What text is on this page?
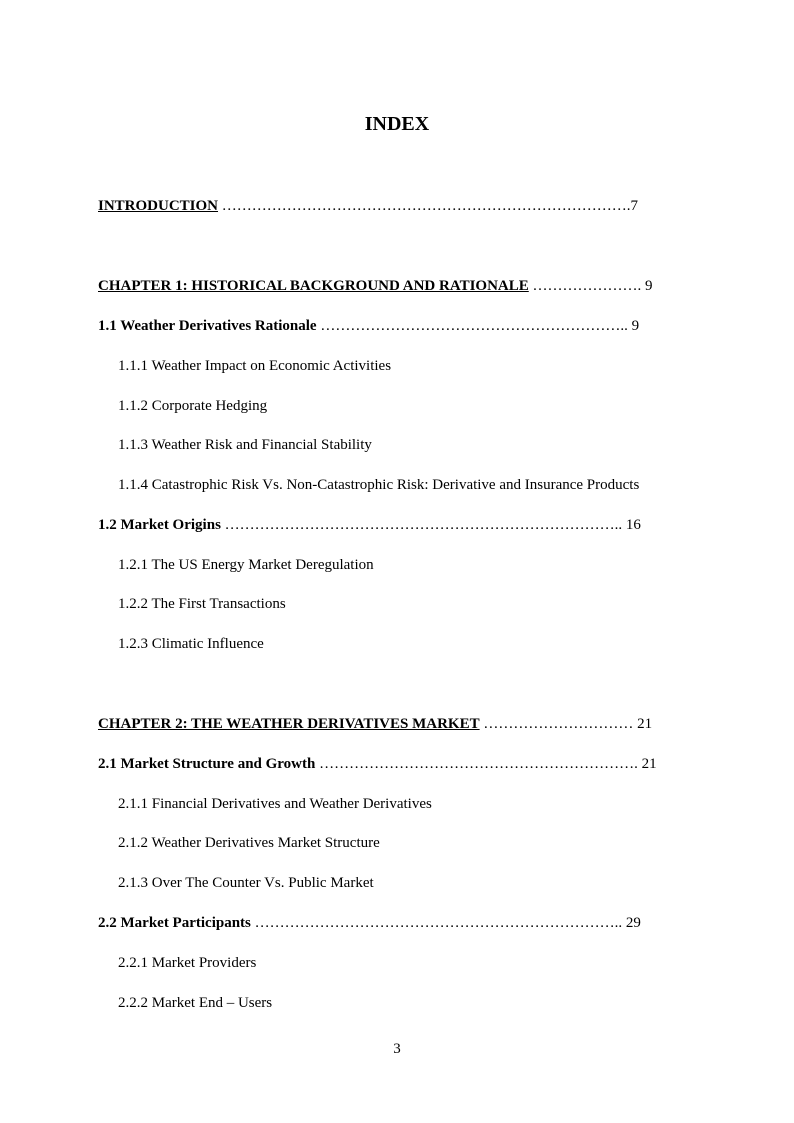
INDEX
INTRODUCTION ……………………………………………………………………….7
CHAPTER 1: HISTORICAL BACKGROUND AND RATIONALE …………………. 9
1.1 Weather Derivatives Rationale …………………………………………………….. 9
1.1.1 Weather Impact on Economic Activities
1.1.2 Corporate Hedging
1.1.3 Weather Risk and Financial Stability
1.1.4 Catastrophic Risk Vs. Non-Catastrophic Risk: Derivative and Insurance Products
1.2 Market Origins …………………………………………………………………….. 16
1.2.1 The US Energy Market Deregulation
1.2.2 The First Transactions
1.2.3 Climatic Influence
CHAPTER 2: THE WEATHER DERIVATIVES MARKET ………………………… 21
2.1 Market Structure and Growth ………………………………………………………. 21
2.1.1 Financial Derivatives and Weather Derivatives
2.1.2 Weather Derivatives Market Structure
2.1.3 Over The Counter Vs. Public Market
2.2 Market Participants ……………………………………………………………….. 29
2.2.1 Market Providers
2.2.2 Market End – Users
3
